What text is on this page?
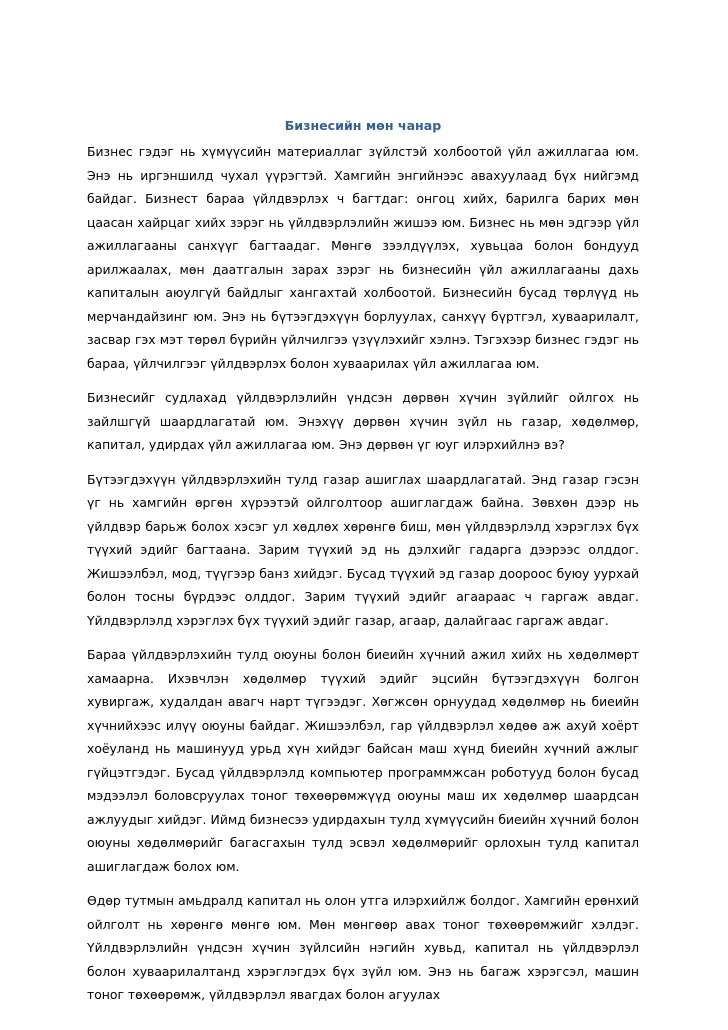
Бизнесийн мөн чанар

Бизнес гэдэг нь хүмүүсийн материаллаг зүйлстэй холбоотой үйл ажиллагаа юм. Энэ нь иргэншилд чухал үүрэгтэй. Хамгийн энгийнээс авахуулаад бүх нийгэмд байдаг. Бизнест бараа үйлдвэрлэх ч багтдаг: онгоц хийх, барилга барих мөн цаасан хайрцаг хийх зэрэг нь үйлдвэрлэлийн жишээ юм. Бизнес нь мөн эдгээр үйл ажиллагааны санхүүг багтаадаг. Мөнгө зээлдүүлэх, хувьцаа болон бондууд арилжаалах, мөн даатгалын зарах зэрэг нь бизнесийн үйл ажиллагааны дахь капиталын аюулгүй байдлыг хангахтай холбоотой. Бизнесийн бусад төрлүүд нь мерчандайзинг юм. Энэ нь бүтээгдэхүүн борлуулах, санхүү бүртгэл, хуваарилалт, засвар гэх мэт төрөл бүрийн үйлчилгээ үзүүлэхийг хэлнэ. Тэгэхээр бизнес гэдэг нь бараа, үйлчилгээг үйлдвэрлэх болон хуваарилах үйл ажиллагаа юм.

Бизнесийг судлахад үйлдвэрлэлийн үндсэн дөрвөн хүчин зүйлийг ойлгох нь зайлшгүй шаардлагатай юм. Энэхүү дөрвөн хүчин зүйл нь газар, хөдөлмөр, капитал, удирдах үйл ажиллагаа юм. Энэ дөрвөн үг юуг илэрхийлнэ вэ?

Бүтээгдэхүүн үйлдвэрлэхийн тулд газар ашиглах шаардлагатай. Энд газар гэсэн үг нь хамгийн өргөн хүрээтэй ойлголтоор ашиглагдаж байна. Зөвхөн дээр нь үйлдвэр барьж болох хэсэг ул хөдлөх хөрөнгө биш, мөн үйлдвэрлэлд хэрэглэх бүх түүхий эдийг багтаана. Зарим түүхий эд нь дэлхийг гадарга дээрээс олддог. Жишээлбэл, мод, түүгээр банз хийдэг. Бусад түүхий эд газар доороос буюу уурхай болон тосны бүрдээс олддог. Зарим түүхий эдийг агаараас ч гаргаж авдаг. Үйлдвэрлэлд хэрэглэх бүх түүхий эдийг газар, агаар, далайгаас гаргаж авдаг.

Бараа үйлдвэрлэхийн тулд оюуны болон биеийн хүчний ажил хийх нь хөдөлмөрт хамаарна. Ихэвчлэн хөдөлмөр түүхий эдийг эцсийн бүтээгдэхүүн болгон хувиргаж, худалдан авагч нарт түгээдэг. Хөгжсөн орнуудад хөдөлмөр нь биеийн хүчнийхээс илүү оюуны байдаг. Жишээлбэл, гар үйлдвэрлэл хөдөө аж ахуй хоёрт хоёуланд нь машинууд урьд хүн хийдэг байсан маш хүнд биеийн хүчний ажлыг гүйцэтгэдэг. Бусад үйлдвэрлэлд компьютер программжсан роботууд болон бусад мэдээлэл боловсруулах тоног төхөөрөмжүүд оюуны маш их хөдөлмөр шаардсан ажлуудыг хийдэг. Иймд бизнесээ удирдахын тулд хүмүүсийн биеийн хүчний болон оюуны хөдөлмөрийг багасгахын тулд эсвэл хөдөлмөрийг орлохын тулд капитал ашиглагдаж болох юм.

Өдөр тутмын амьдралд капитал нь олон утга илэрхийлж болдог. Хамгийн ерөнхий ойлголт нь хөрөнгө мөнгө юм. Мөн мөнгөөр авах тоног төхөөрөмжийг хэлдэг. Үйлдвэрлэлийн үндсэн хүчин зүйлсийн нэгийн хувьд, капитал нь үйлдвэрлэл болон хуваарилалтанд хэрэглэгдэх бүх зүйл юм. Энэ нь багаж хэрэгсэл, машин тоног төхөөрөмж, үйлдвэрлэл явагдах болон агуулах
